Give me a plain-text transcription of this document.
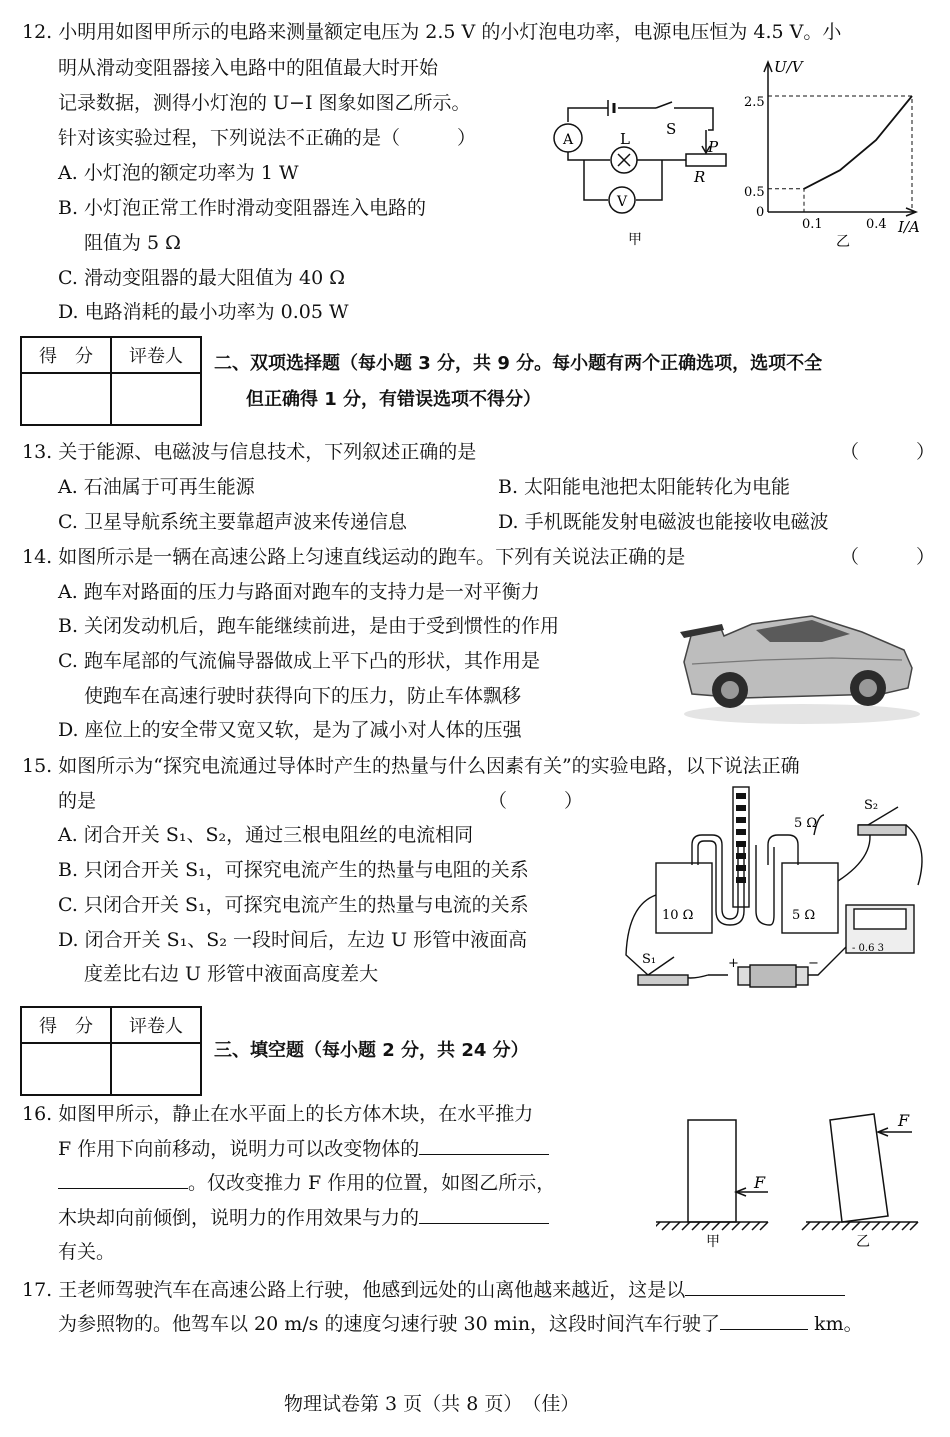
12. 小明用如图甲所示的电路来测量额定电压为 2.5 V 的小灯泡电功率，电源电压恒为 4.5 V。小
明从滑动变阻器接入电路中的阻值最大时开始
记录数据，测得小灯泡的 U−I 图象如图乙所示。
针对该实验过程，下列说法不正确的是（　　　）
A. 小灯泡的额定功率为 1 W
B. 小灯泡正常工作时滑动变阻器连入电路的
阻值为 5 Ω
C. 滑动变阻器的最大阻值为 40 Ω
D. 电路消耗的最小功率为 0.05 W
A
V
L
S
P
R
甲
U/V
I/A
0
2.5
0.5
0.1	0.4
乙
得　分	评卷人
	二、双项选择题（每小题 3 分，共 9 分。每小题有两个正确选项，选项不全
但正确得 1 分，有错误选项不得分）
13. 关于能源、电磁波与信息技术，下列叙述正确的是	（　　　）
A. 石油属于可再生能源	B. 太阳能电池把太阳能转化为电能
C. 卫星导航系统主要靠超声波来传递信息	D. 手机既能发射电磁波也能接收电磁波
14. 如图所示是一辆在高速公路上匀速直线运动的跑车。下列有关说法正确的是	（　　　）
A. 跑车对路面的压力与路面对跑车的支持力是一对平衡力
B. 关闭发动机后，跑车能继续前进，是由于受到惯性的作用
C. 跑车尾部的气流偏导器做成上平下凸的形状，其作用是
使跑车在高速行驶时获得向下的压力，防止车体飘移
D. 座位上的安全带又宽又软，是为了减小对人体的压强
15. 如图所示为“探究电流通过导体时产生的热量与什么因素有关”的实验电路，以下说法正确
的是	（　　　）
A. 闭合开关 S₁、S₂，通过三根电阻丝的电流相同
B. 只闭合开关 S₁，可探究电流产生的热量与电阻的关系
C. 只闭合开关 S₁，可探究电流产生的热量与电流的关系
D. 闭合开关 S₁、S₂ 一段时间后，左边 U 形管中液面高
度差比右边 U 形管中液面高度差大
10 Ω	5 Ω
5 Ω
S₁
S₂
+	−
- 0.6 3
得　分	评卷人

三、填空题（每小题 2 分，共 24 分）
16. 如图甲所示，静止在水平面上的长方体木块，在水平推力
F 作用下向前移动，说明力可以改变物体的
。仅改变推力 F 作用的位置，如图乙所示，
木块却向前倾倒，说明力的作用效果与力的
有关。
F
F
甲	乙
17. 王老师驾驶汽车在高速公路上行驶，他感到远处的山离他越来越近，这是以
为参照物的。他驾车以 20 m/s 的速度匀速行驶 30 min，这段时间汽车行驶了	km。
物理试卷第 3 页（共 8 页）　（佳）
